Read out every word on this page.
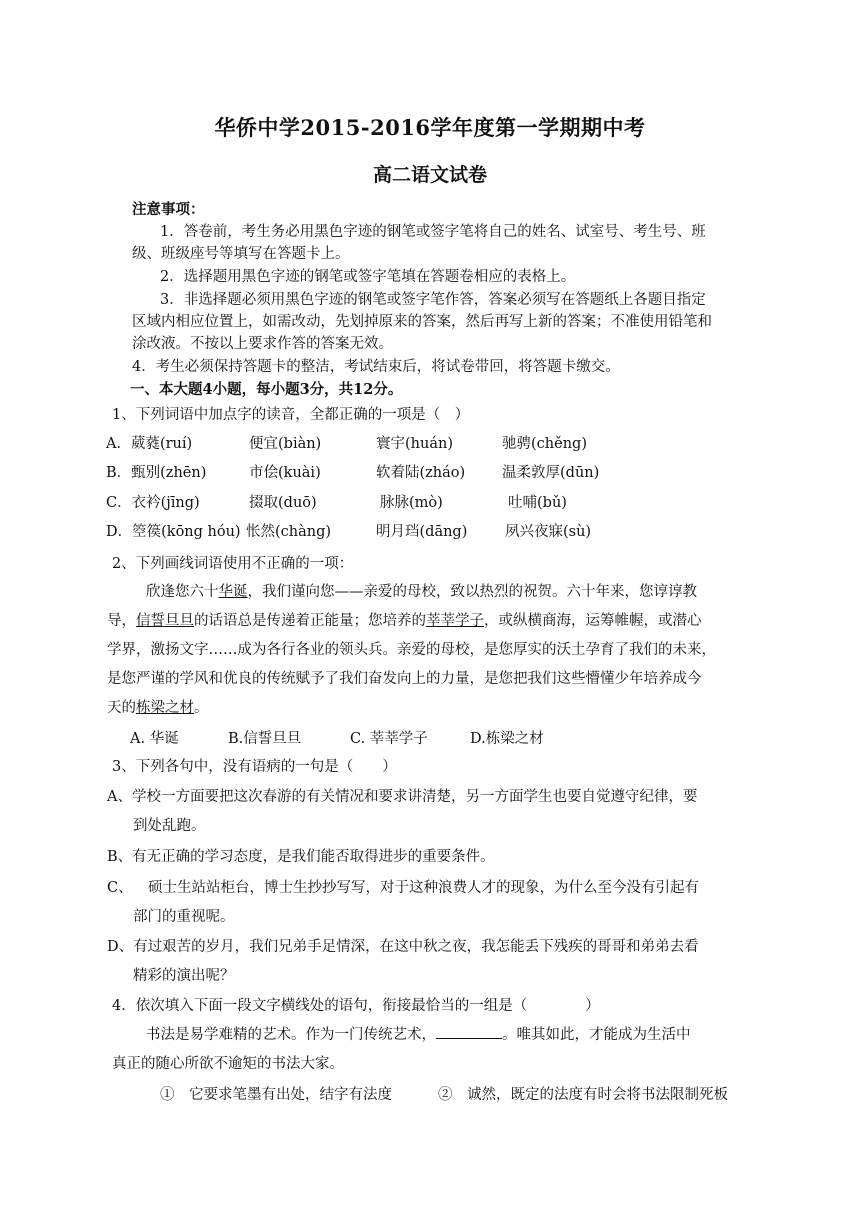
华侨中学2015-2016学年度第一学期期中考
高二语文试卷
注意事项：
1．答卷前，考生务必用黑色字迹的钢笔或签字笔将自己的姓名、试室号、考生号、班
级、班级座号等填写在答题卡上。
2．选择题用黑色字迹的钢笔或签字笔填在答题卷相应的表格上。
3．非选择题必须用黑色字迹的钢笔或签字笔作答，答案必须写在答题纸上各题目指定
区域内相应位置上，如需改动，先划掉原来的答案，然后再写上新的答案；不准使用铅笔和
涂改液。不按以上要求作答的答案无效。
4．考生必须保持答题卡的整洁，考试结束后，将试卷带回，将答题卡缴交。
一、本大题4小题，每小题3分，共12分。
1、下列词语中加点字的读音，全都正确的一项是（　）
A．葳蕤(ruí)	便宜(biàn)	寰宇(huán)	驰骋(chěng)
B．甄别(zhēn)	市侩(kuài)	软着陆(zháo)	温柔敦厚(dūn)
C．衣衿(jīng)	掇取(duō)	脉脉(mò)	吐哺(bǔ)
D．箜篌(kōng hóu) 怅然(chàng)	明月珰(dāng)	夙兴夜寐(sù)
2、下列画线词语使用不正确的一项：
欣逢您六十华诞，我们谨向您——亲爱的母校，致以热烈的祝贺。六十年来，您谆谆教
导，信誓旦旦的话语总是传递着正能量；您培养的莘莘学子，或纵横商海，运筹帷幄，或潜心
学界，激扬文字……成为各行各业的领头兵。亲爱的母校，是您厚实的沃土孕育了我们的未来，
是您严谨的学风和优良的传统赋予了我们奋发向上的力量，是您把我们这些懵懂少年培养成今
天的栋梁之材。
A. 华诞	B.信誓旦旦	C. 莘莘学子	D.栋梁之材
3、下列各句中，没有语病的一句是（　　）
A、学校一方面要把这次春游的有关情况和要求讲清楚，另一方面学生也要自觉遵守纪律，要
到处乱跑。
B、有无正确的学习态度，是我们能否取得进步的重要条件。
C、 硕士生站站柜台，博士生抄抄写写，对于这种浪费人才的现象，为什么至今没有引起有
部门的重视呢。
D、有过艰苦的岁月，我们兄弟手足情深，在这中秋之夜，我怎能丢下残疾的哥哥和弟弟去看
精彩的演出呢？
4．依次填入下面一段文字横线处的语句，衔接最恰当的一组是（　　　　）
书法是易学难精的艺术。作为一门传统艺术，	。唯其如此，才能成为生活中
真正的随心所欲不逾矩的书法大家。
①　它要求笔墨有出处，结字有法度	②　诚然，既定的法度有时会将书法限制死板
